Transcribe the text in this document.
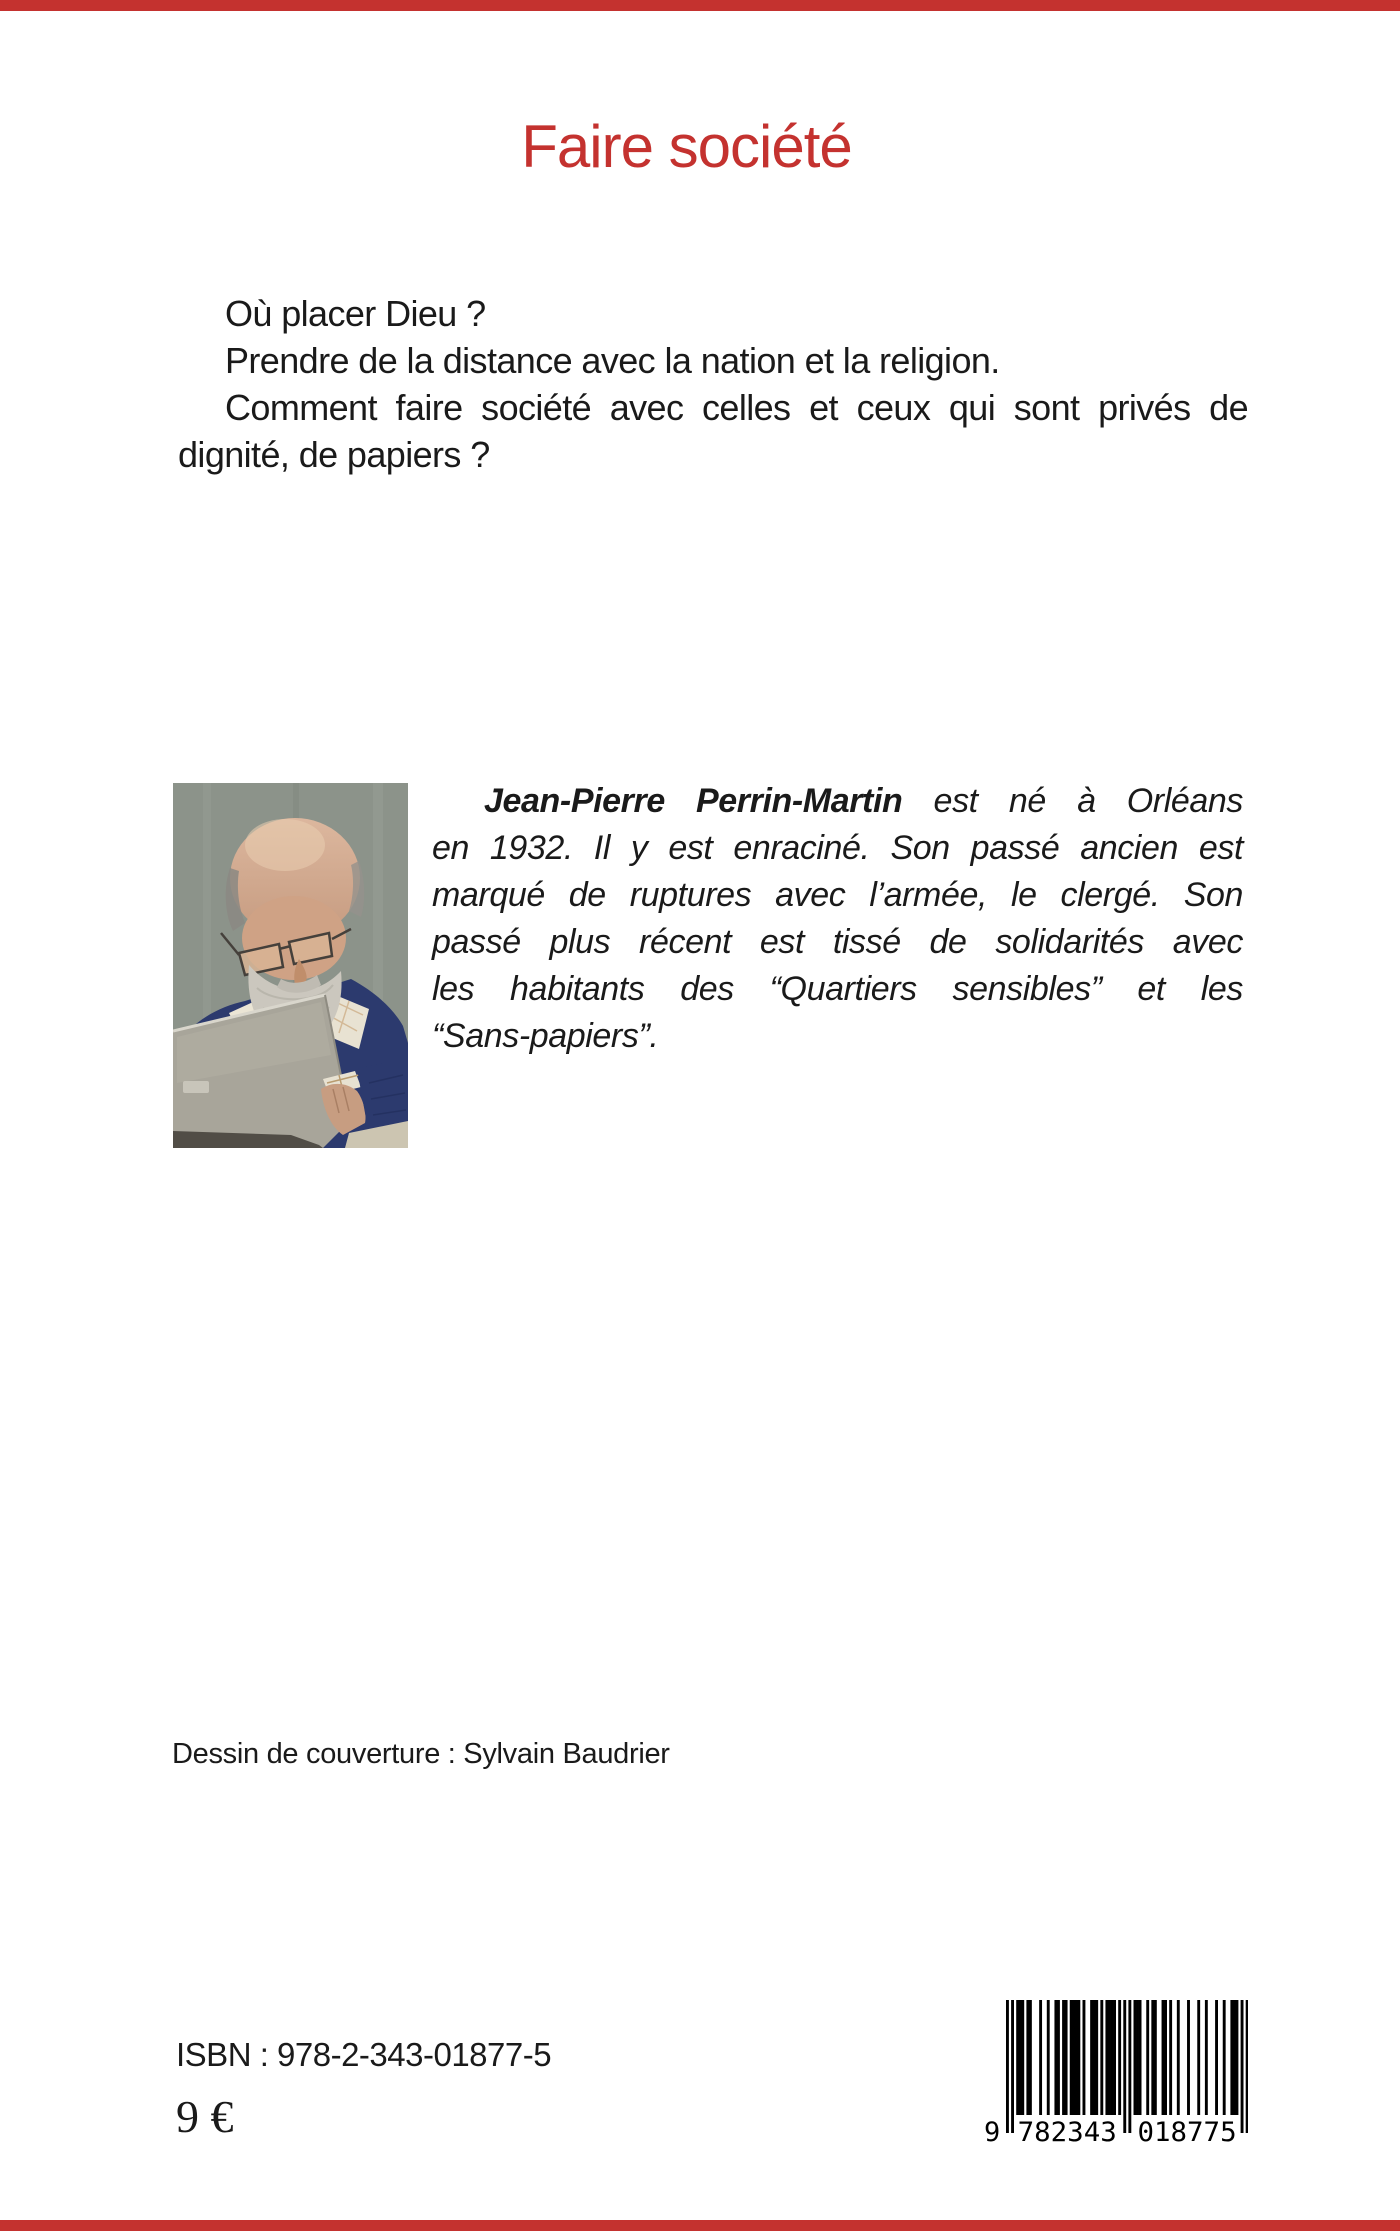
Faire société
Où placer Dieu ?
Prendre de la distance avec la nation et la religion.
Comment faire société avec celles et ceux qui sont privés de
dignité, de papiers ?
Jean-Pierre Perrin-Martin est né à Orléans
en 1932. Il y est enraciné. Son passé ancien est
marqué de ruptures avec l’armée, le clergé. Son
passé plus récent est tissé de solidarités avec
les habitants des “Quartiers sensibles” et les
“Sans-papiers”.
Dessin de couverture : Sylvain Baudrier
ISBN : 978-2-343-01877-5
9 €	9 782343 018775
